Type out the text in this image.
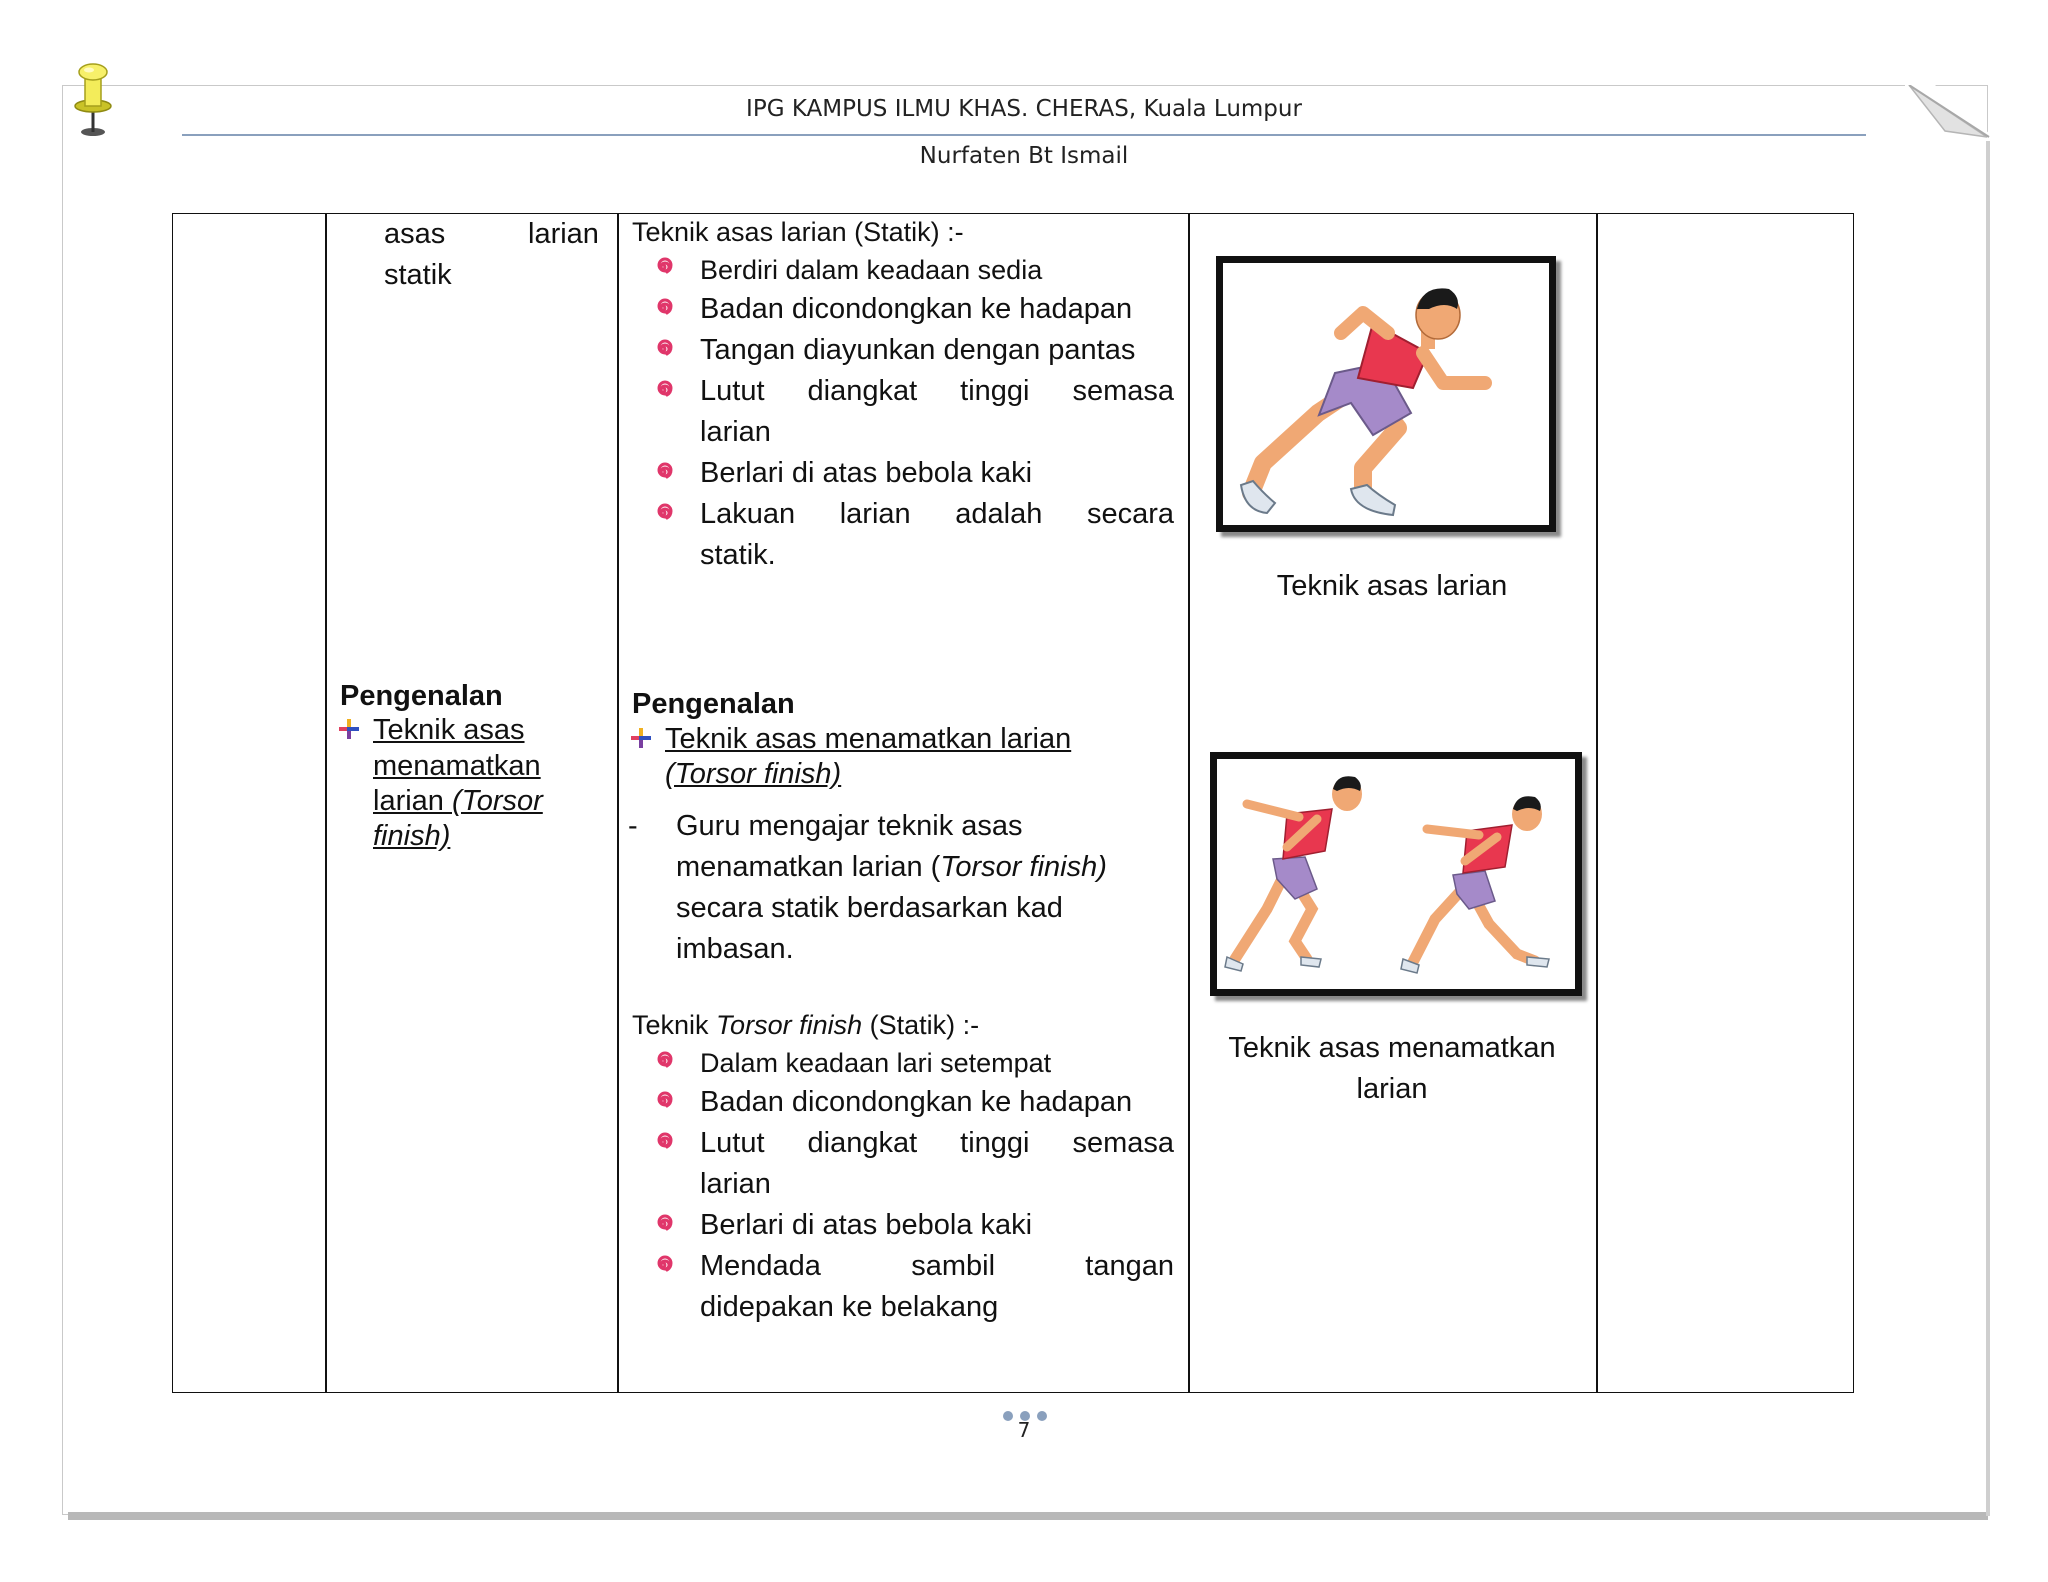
IPG KAMPUS ILMU KHAS. CHERAS, Kuala Lumpur
Nurfaten Bt Ismail
asas	larian
statik
Pengenalan
Teknik asas
menamatkan
larian (Torsor
finish)
Teknik asas larian (Statik) :-
Berdiri dalam keadaan sedia
Badan dicondongkan ke hadapan
Tangan diayunkan dengan pantas
Lutut diangkat tinggi semasa
larian
Berlari di atas bebola kaki
Lakuan larian adalah secara
statik.
Pengenalan
Teknik asas menamatkan larian
(Torsor finish)
- Guru mengajar teknik asas
menamatkan larian (Torsor finish)
secara statik berdasarkan kad
imbasan.
Teknik Torsor finish (Statik) :-
Dalam keadaan lari setempat
Badan dicondongkan ke hadapan
Lutut diangkat tinggi semasa
larian
Berlari di atas bebola kaki
Mendada sambil tangan
didepakan ke belakang
Teknik asas larian
Teknik asas menamatkan
larian
7
